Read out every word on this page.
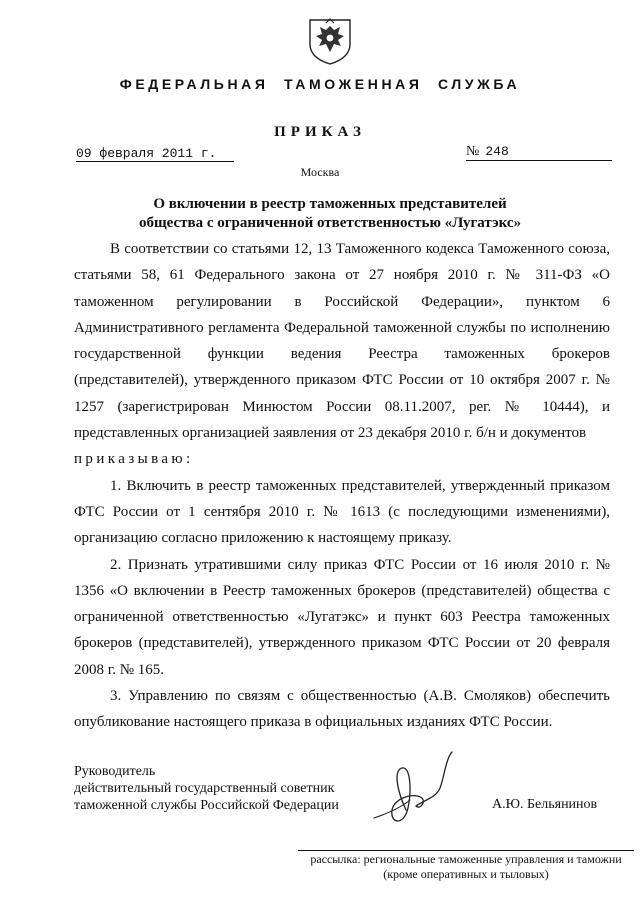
ФЕДЕРАЛЬНАЯ ТАМОЖЕННАЯ СЛУЖБА
ПРИКАЗ
09 февраля 2011 г.	№ 248
Москва
О включении в реестр таможенных представителей
общества с ограниченной ответственностью «Лугатэкс»

В соответствии со статьями 12, 13 Таможенного кодекса Таможенного союза, статьями 58, 61 Федерального закона от 27 ноября 2010 г. № 311-ФЗ «О таможенном регулировании в Российской Федерации», пунктом 6 Административного регламента Федеральной таможенной службы по исполнению государственной функции ведения Реестра таможенных брокеров (представителей), утвержденного приказом ФТС России от 10 октября 2007 г. № 1257 (зарегистрирован Минюстом России 08.11.2007, рег. № 10444), и представленных организацией заявления от 23 декабря 2010 г. б/н и документов

приказываю:

1. Включить в реестр таможенных представителей, утвержденный приказом ФТС России от 1 сентября 2010 г. № 1613 (с последующими изменениями), организацию согласно приложению к настоящему приказу.

2. Признать утратившими силу приказ ФТС России от 16 июля 2010 г. № 1356 «О включении в Реестр таможенных брокеров (представителей) общества с ограниченной ответственностью «Лугатэкс» и пункт 603 Реестра таможенных брокеров (представителей), утвержденного приказом ФТС России от 20 февраля 2008 г. № 165.

3. Управлению по связям с общественностью (А.В. Смоляков) обеспечить опубликование настоящего приказа в официальных изданиях ФТС России.

Руководитель
действительный государственный советник
таможенной службы Российской Федерации	А.Ю. Бельянинов
рассылка: региональные таможенные управления и таможни
(кроме оперативных и тыловых)
